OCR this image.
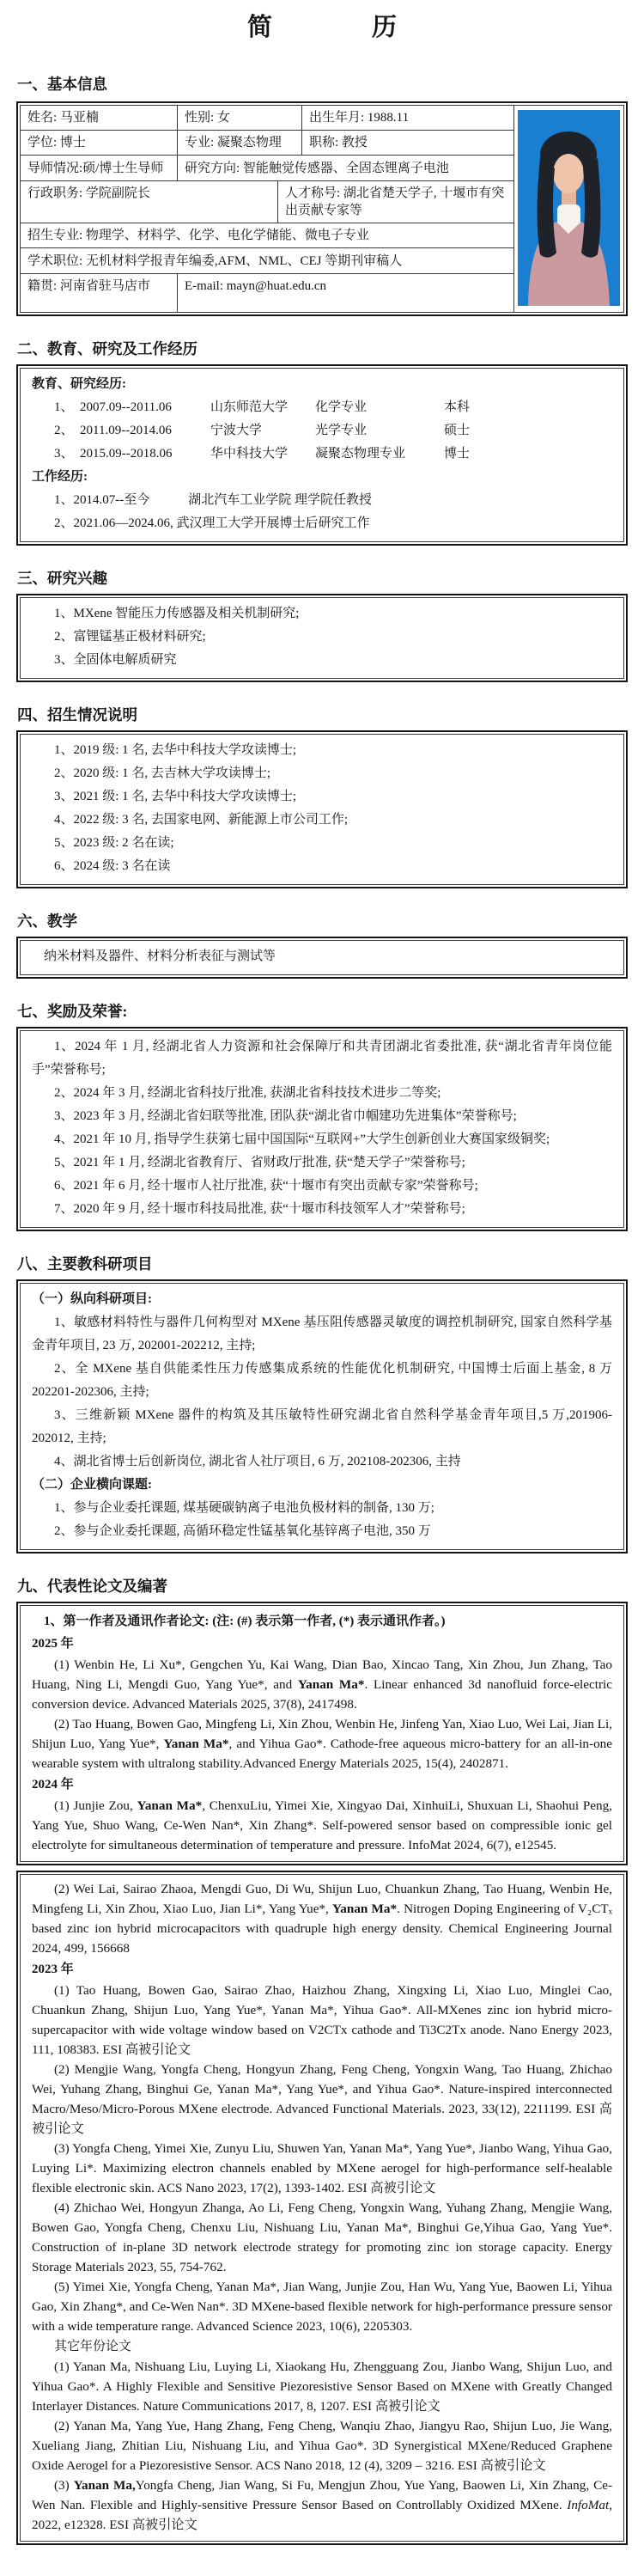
简　　　　历
一、基本信息
姓名: 马亚楠	性别: 女	出生年月: 1988.11
学位: 博士	专业: 凝聚态物理	职称: 教授
导师情况:硕/博士生导师	研究方向: 智能触觉传感器、全固态锂离子电池
行政职务: 学院副院长	人才称号: 湖北省楚天学子, 十堰市有突出贡献专家等
招生专业: 物理学、材料学、化学、电化学储能、微电子专业
学术职位: 无机材料学报青年编委,AFM、NML、CEJ 等期刊审稿人
籍贯: 河南省驻马店市	E-mail: mayn@huat.edu.cn
二、教育、研究及工作经历

教育、研究经历:

1、 2007.09--2011.06	山东师范大学	化学专业	本科

2、 2011.09--2014.06	宁波大学	光学专业	硕士

3、 2015.09--2018.06	华中科技大学	凝聚态物理专业	博士

工作经历:

1、2014.07--至今　　　湖北汽车工业学院 理学院任教授

2、2021.06—2024.06, 武汉理工大学开展博士后研究工作

三、研究兴趣

1、MXene 智能压力传感器及相关机制研究;

2、富锂锰基正极材料研究;

3、全固体电解质研究

四、招生情况说明

1、2019 级: 1 名, 去华中科技大学攻读博士;

2、2020 级: 1 名, 去吉林大学攻读博士;

3、2021 级: 1 名, 去华中科技大学攻读博士;

4、2022 级: 3 名, 去国家电网、新能源上市公司工作;

5、2023 级: 2 名在读;

6、2024 级: 3 名在读

六、教学

纳米材料及器件、材料分析表征与测试等

七、奖励及荣誉:

1、2024 年 1 月, 经湖北省人力资源和社会保障厅和共青团湖北省委批准, 获“湖北省青年岗位能手”荣誉称号;

2、2024 年 3 月, 经湖北省科技厅批准, 获湖北省科技技术进步二等奖;

3、2023 年 3 月, 经湖北省妇联等批准, 团队获“湖北省巾帼建功先进集体”荣誉称号;

4、2021 年 10 月, 指导学生获第七届中国国际“互联网+”大学生创新创业大赛国家级铜奖;

5、2021 年 1 月, 经湖北省教育厅、省财政厅批准, 获“楚天学子”荣誉称号;

6、2021 年 6 月, 经十堰市人社厅批准, 获“十堰市有突出贡献专家”荣誉称号;

7、2020 年 9 月, 经十堰市科技局批准, 获“十堰市科技领军人才”荣誉称号;

八、主要教科研项目

（一）纵向科研项目:

1、敏感材料特性与器件几何构型对 MXene 基压阻传感器灵敏度的调控机制研究, 国家自然科学基金青年项目, 23 万, 202001-202212, 主持;

2、全 MXene 基自供能柔性压力传感集成系统的性能优化机制研究, 中国博士后面上基金, 8 万 202201-202306, 主持;

3、三维新颖 MXene 器件的构筑及其压敏特性研究湖北省自然科学基金青年项目,5 万,201906-202012, 主持;

4、湖北省博士后创新岗位, 湖北省人社厅项目, 6 万, 202108-202306, 主持

（二）企业横向课题:

1、参与企业委托课题, 煤基硬碳钠离子电池负极材料的制备, 130 万;

2、参与企业委托课题, 高循环稳定性锰基氧化基锌离子电池, 350 万

九、代表性论文及编著

1、第一作者及通讯作者论文: (注: (#) 表示第一作者, (*) 表示通讯作者。)

2025 年

(1) Wenbin He, Li Xu*, Gengchen Yu, Kai Wang, Dian Bao, Xincao Tang, Xin Zhou, Jun Zhang, Tao Huang, Ning Li, Mengdi Guo, Yang Yue*, and Yanan Ma*. Linear enhanced 3d nanofluid force-electric conversion device. Advanced Materials 2025, 37(8), 2417498.

(2) Tao Huang, Bowen Gao, Mingfeng Li, Xin Zhou, Wenbin He, Jinfeng Yan, Xiao Luo, Wei Lai, Jian Li, Shijun Luo, Yang Yue*, Yanan Ma*, and Yihua Gao*. Cathode-free aqueous micro-battery for an all-in-one wearable system with ultralong stability.Advanced Energy Materials 2025, 15(4), 2402871.

2024 年

(1) Junjie Zou, Yanan Ma*, ChenxuLiu, Yimei Xie, Xingyao Dai, XinhuiLi, Shuxuan Li, Shaohui Peng, Yang Yue, Shuo Wang, Ce-Wen Nan*, Xin Zhang*. Self-powered sensor based on compressible ionic gel electrolyte for simultaneous determination of temperature and pressure. InfoMat 2024, 6(7), e12545.

(2) Wei Lai, Sairao Zhaoa, Mengdi Guo, Di Wu, Shijun Luo, Chuankun Zhang, Tao Huang, Wenbin He, Mingfeng Li, Xin Zhou, Xiao Luo, Jian Li*, Yang Yue*, Yanan Ma*. Nitrogen Doping Engineering of V₂CTₓ based zinc ion hybrid microcapacitors with quadruple high energy density. Chemical Engineering Journal 2024, 499, 156668

2023 年

(1) Tao Huang, Bowen Gao, Sairao Zhao, Haizhou Zhang, Xingxing Li, Xiao Luo, Minglei Cao, Chuankun Zhang, Shijun Luo, Yang Yue*, Yanan Ma*, Yihua Gao*. All-MXenes zinc ion hybrid micro-supercapacitor with wide voltage window based on V2CTx cathode and Ti3C2Tx anode. Nano Energy 2023, 111, 108383. ESI 高被引论文

(2) Mengjie Wang, Yongfa Cheng, Hongyun Zhang, Feng Cheng, Yongxin Wang, Tao Huang, Zhichao Wei, Yuhang Zhang, Binghui Ge, Yanan Ma*, Yang Yue*, and Yihua Gao*. Nature-inspired interconnected Macro/Meso/Micro-Porous MXene electrode. Advanced Functional Materials. 2023, 33(12), 2211199. ESI 高被引论文

(3) Yongfa Cheng, Yimei Xie, Zunyu Liu, Shuwen Yan, Yanan Ma*, Yang Yue*, Jianbo Wang, Yihua Gao, Luying Li*. Maximizing electron channels enabled by MXene aerogel for high-performance self-healable flexible electronic skin. ACS Nano 2023, 17(2), 1393-1402. ESI 高被引论文

(4) Zhichao Wei, Hongyun Zhanga, Ao Li, Feng Cheng, Yongxin Wang, Yuhang Zhang, Mengjie Wang, Bowen Gao, Yongfa Cheng, Chenxu Liu, Nishuang Liu, Yanan Ma*, Binghui Ge,Yihua Gao, Yang Yue*. Construction of in-plane 3D network electrode strategy for promoting zinc ion storage capacity. Energy Storage Materials 2023, 55, 754-762.

(5) Yimei Xie, Yongfa Cheng, Yanan Ma*, Jian Wang, Junjie Zou, Han Wu, Yang Yue, Baowen Li, Yihua Gao, Xin Zhang*, and Ce-Wen Nan*. 3D MXene-based flexible network for high-performance pressure sensor with a wide temperature range. Advanced Science 2023, 10(6), 2205303.

其它年份论文

(1) Yanan Ma, Nishuang Liu, Luying Li, Xiaokang Hu, Zhengguang Zou, Jianbo Wang, Shijun Luo, and Yihua Gao*. A Highly Flexible and Sensitive Piezoresistive Sensor Based on MXene with Greatly Changed Interlayer Distances. Nature Communications 2017, 8, 1207. ESI 高被引论文

(2) Yanan Ma, Yang Yue, Hang Zhang, Feng Cheng, Wanqiu Zhao, Jiangyu Rao, Shijun Luo, Jie Wang, Xueliang Jiang, Zhitian Liu, Nishuang Liu, and Yihua Gao*. 3D Synergistical MXene/Reduced Graphene Oxide Aerogel for a Piezoresistive Sensor. ACS Nano 2018, 12 (4), 3209 – 3216. ESI 高被引论文

(3) Yanan Ma,Yongfa Cheng, Jian Wang, Si Fu, Mengjun Zhou, Yue Yang, Baowen Li, Xin Zhang, Ce-Wen Nan. Flexible and Highly-sensitive Pressure Sensor Based on Controllably Oxidized MXene. InfoMat, 2022, e12328. ESI 高被引论文
